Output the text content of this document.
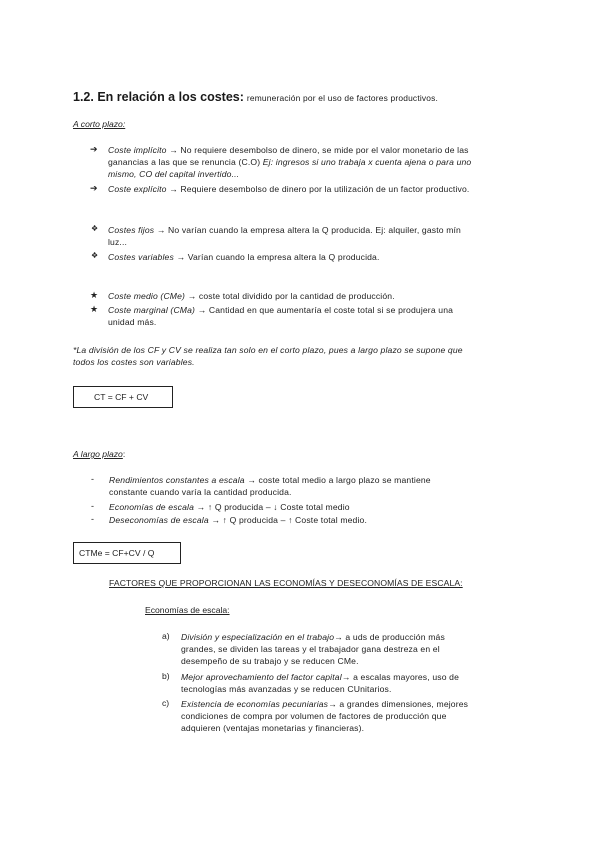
1.2. En relación a los costes: remuneración por el uso de factores productivos.
A corto plazo:
➔ Coste implícito → No requiere desembolso de dinero, se mide por el valor monetario de las
ganancias a las que se renuncia (C.O) Ej: ingresos si uno trabaja x cuenta ajena o para uno
mismo, CO del capital invertido...
➔ Coste explícito → Requiere desembolso de dinero por la utilización de un factor productivo.
❖ Costes fijos → No varían cuando la empresa altera la Q producida. Ej: alquiler, gasto mín
luz...
❖ Costes variables → Varían cuando la empresa altera la Q producida.
★ Coste medio (CMe) → coste total dividido por la cantidad de producción.
★ Coste marginal (CMa) → Cantidad en que aumentaría el coste total si se produjera una
unidad más.
*La división de los CF y CV se realiza tan solo en el corto plazo, pues a largo plazo se supone que
todos los costes son variables.
CT = CF + CV
A largo plazo:
- Rendimientos constantes a escala → coste total medio a largo plazo se mantiene
constante cuando varía la cantidad producida.
- Economías de escala → ↑ Q producida – ↓ Coste total medio
- Deseconomías de escala → ↑ Q producida – ↑ Coste total medio.
CTMe = CF+CV / Q
FACTORES QUE PROPORCIONAN LAS ECONOMÍAS Y DESECONOMÍAS DE ESCALA:
Economías de escala:
a) División y especialización en el trabajo→ a uds de producción más
grandes, se dividen las tareas y el trabajador gana destreza en el
desempeño de su trabajo y se reducen CMe.
b) Mejor aprovechamiento del factor capital→ a escalas mayores, uso de
tecnologías más avanzadas y se reducen CUnitarios.
c) Existencia de economías pecuniarias→ a grandes dimensiones, mejores
condiciones de compra por volumen de factores de producción que
adquieren (ventajas monetarias y financieras).
